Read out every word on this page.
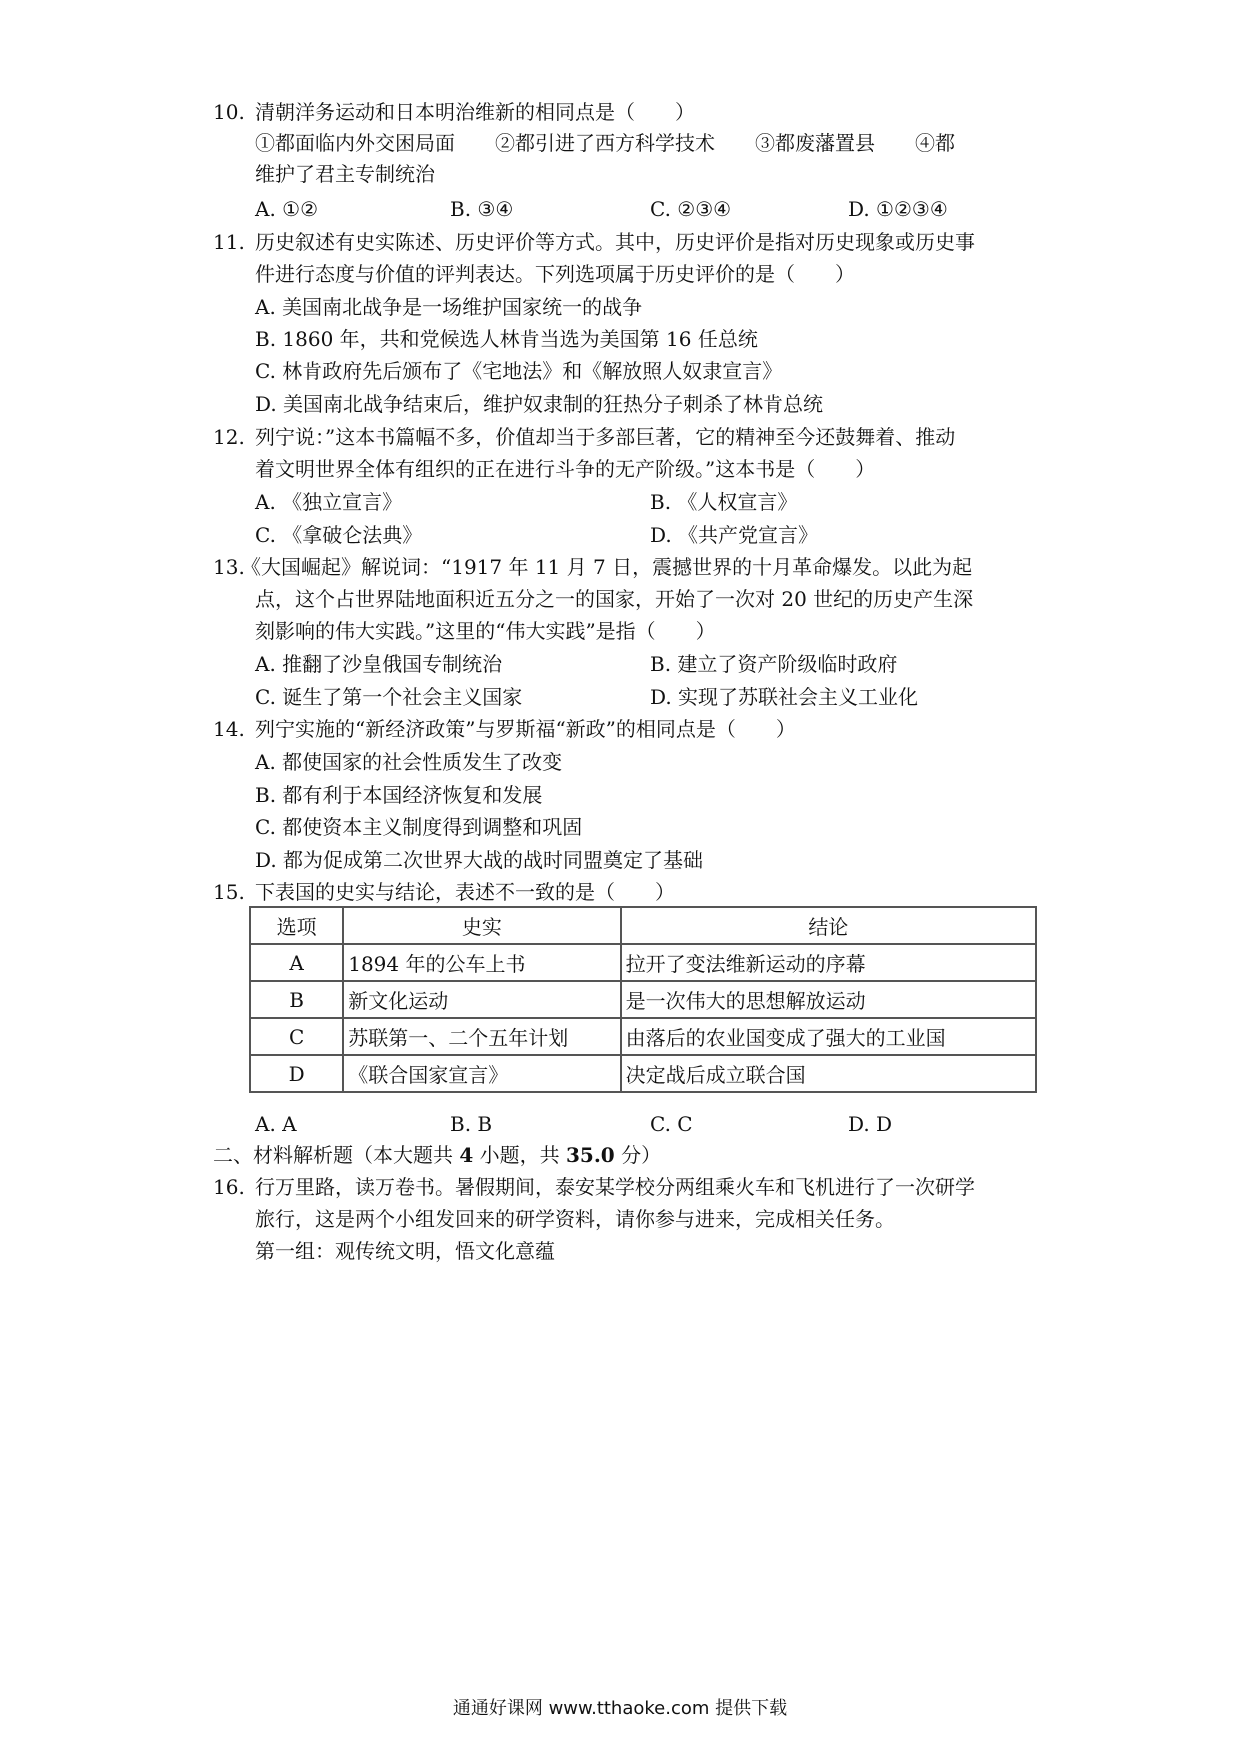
10. 清朝洋务运动和日本明治维新的相同点是（　　）
①都面临内外交困局面　　②都引进了西方科学技术　　③都废藩置县　　④都
维护了君主专制统治
A. ①②	B. ③④	C. ②③④	D. ①②③④
11. 历史叙述有史实陈述、历史评价等方式。其中，历史评价是指对历史现象或历史事
件进行态度与价值的评判表达。下列选项属于历史评价的是（　　）
A. 美国南北战争是一场维护国家统一的战争
B. 1860 年，共和党候选人林肯当选为美国第 16 任总统
C. 林肯政府先后颁布了《宅地法》和《解放照人奴隶宣言》
D. 美国南北战争结束后，维护奴隶制的狂热分子刺杀了林肯总统
12. 列宁说：”这本书篇幅不多，价值却当于多部巨著，它的精神至今还鼓舞着、推动
着文明世界全体有组织的正在进行斗争的无产阶级。”这本书是（　　）
A. 《独立宣言》	B. 《人权宣言》
C. 《拿破仑法典》	D. 《共产党宣言》
13.
《大国崛起》解说词：“1917 年 11 月 7 日，震撼世界的十月革命爆发。以此为起
点，这个占世界陆地面积近五分之一的国家，开始了一次对 20 世纪的历史产生深
刻影响的伟大实践。”这里的“伟大实践”是指（　　）
A. 推翻了沙皇俄国专制统治	B. 建立了资产阶级临时政府
C. 诞生了第一个社会主义国家	D. 实现了苏联社会主义工业化
14. 列宁实施的“新经济政策”与罗斯福“新政”的相同点是（　　）
A. 都使国家的社会性质发生了改变
B. 都有利于本国经济恢复和发展
C. 都使资本主义制度得到调整和巩固
D. 都为促成第二次世界大战的战时同盟奠定了基础
15. 下表国的史实与结论，表述不一致的是（　　）
选项	史实	结论
A	1894 年的公车上书	拉开了变法维新运动的序幕
B	新文化运动	是一次伟大的思想解放运动
C	苏联第一、二个五年计划	由落后的农业国变成了强大的工业国
D	《联合国家宣言》	决定战后成立联合国
A. A	B. B	C. C	D. D
二、材料解析题（本大题共 4 小题，共 35.0 分）
16. 行万里路，读万卷书。暑假期间，泰安某学校分两组乘火车和飞机进行了一次研学
旅行，这是两个小组发回来的研学资料，请你参与进来，完成相关任务。
第一组：观传统文明，悟文化意蕴
通通好课网 www.tthaoke.com 提供下载
